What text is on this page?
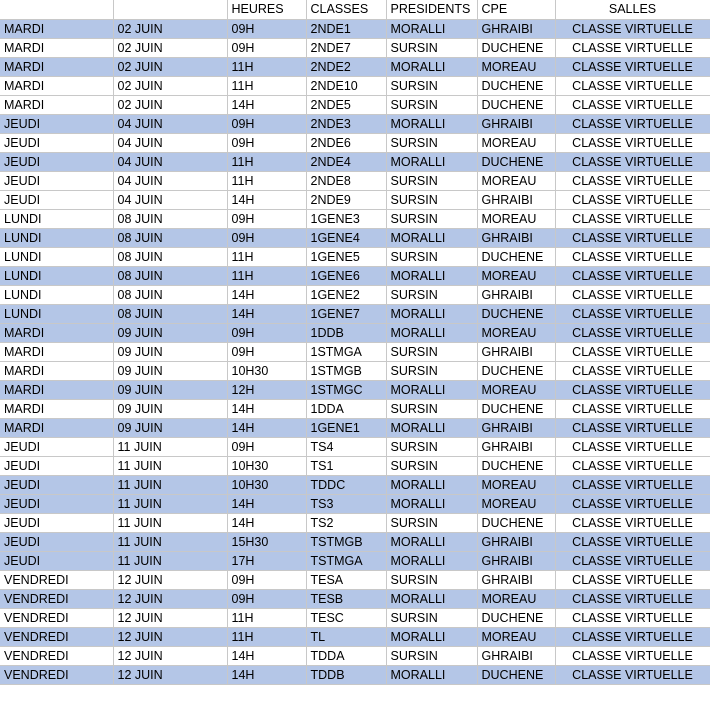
		HEURES	CLASSES	PRESIDENTS	CPE	SALLES
MARDI	02 JUIN	09H	2NDE1	MORALLI	GHRAIBI	CLASSE VIRTUELLE
MARDI	02 JUIN	09H	2NDE7	SURSIN	DUCHENE	CLASSE VIRTUELLE
MARDI	02 JUIN	11H	2NDE2	MORALLI	MOREAU	CLASSE VIRTUELLE
MARDI	02 JUIN	11H	2NDE10	SURSIN	DUCHENE	CLASSE VIRTUELLE
MARDI	02 JUIN	14H	2NDE5	SURSIN	DUCHENE	CLASSE VIRTUELLE
JEUDI	04 JUIN	09H	2NDE3	MORALLI	GHRAIBI	CLASSE VIRTUELLE
JEUDI	04 JUIN	09H	2NDE6	SURSIN	MOREAU	CLASSE VIRTUELLE
JEUDI	04 JUIN	11H	2NDE4	MORALLI	DUCHENE	CLASSE VIRTUELLE
JEUDI	04 JUIN	11H	2NDE8	SURSIN	MOREAU	CLASSE VIRTUELLE
JEUDI	04 JUIN	14H	2NDE9	SURSIN	GHRAIBI	CLASSE VIRTUELLE
LUNDI	08 JUIN	09H	1GENE3	SURSIN	MOREAU	CLASSE VIRTUELLE
LUNDI	08 JUIN	09H	1GENE4	MORALLI	GHRAIBI	CLASSE VIRTUELLE
LUNDI	08 JUIN	11H	1GENE5	SURSIN	DUCHENE	CLASSE VIRTUELLE
LUNDI	08 JUIN	11H	1GENE6	MORALLI	MOREAU	CLASSE VIRTUELLE
LUNDI	08 JUIN	14H	1GENE2	SURSIN	GHRAIBI	CLASSE VIRTUELLE
LUNDI	08 JUIN	14H	1GENE7	MORALLI	DUCHENE	CLASSE VIRTUELLE
MARDI	09 JUIN	09H	1DDB	MORALLI	MOREAU	CLASSE VIRTUELLE
MARDI	09 JUIN	09H	1STMGA	SURSIN	GHRAIBI	CLASSE VIRTUELLE
MARDI	09 JUIN	10H30	1STMGB	SURSIN	DUCHENE	CLASSE VIRTUELLE
MARDI	09 JUIN	12H	1STMGC	MORALLI	MOREAU	CLASSE VIRTUELLE
MARDI	09 JUIN	14H	1DDA	SURSIN	DUCHENE	CLASSE VIRTUELLE
MARDI	09 JUIN	14H	1GENE1	MORALLI	GHRAIBI	CLASSE VIRTUELLE
JEUDI	11 JUIN	09H	TS4	SURSIN	GHRAIBI	CLASSE VIRTUELLE
JEUDI	11 JUIN	10H30	TS1	SURSIN	DUCHENE	CLASSE VIRTUELLE
JEUDI	11 JUIN	10H30	TDDC	MORALLI	MOREAU	CLASSE VIRTUELLE
JEUDI	11 JUIN	14H	TS3	MORALLI	MOREAU	CLASSE VIRTUELLE
JEUDI	11 JUIN	14H	TS2	SURSIN	DUCHENE	CLASSE VIRTUELLE
JEUDI	11 JUIN	15H30	TSTMGB	MORALLI	GHRAIBI	CLASSE VIRTUELLE
JEUDI	11 JUIN	17H	TSTMGA	MORALLI	GHRAIBI	CLASSE VIRTUELLE
VENDREDI	12 JUIN	09H	TESA	SURSIN	GHRAIBI	CLASSE VIRTUELLE
VENDREDI	12 JUIN	09H	TESB	MORALLI	MOREAU	CLASSE VIRTUELLE
VENDREDI	12 JUIN	11H	TESC	SURSIN	DUCHENE	CLASSE VIRTUELLE
VENDREDI	12 JUIN	11H	TL	MORALLI	MOREAU	CLASSE VIRTUELLE
VENDREDI	12 JUIN	14H	TDDA	SURSIN	GHRAIBI	CLASSE VIRTUELLE
VENDREDI	12 JUIN	14H	TDDB	MORALLI	DUCHENE	CLASSE VIRTUELLE
